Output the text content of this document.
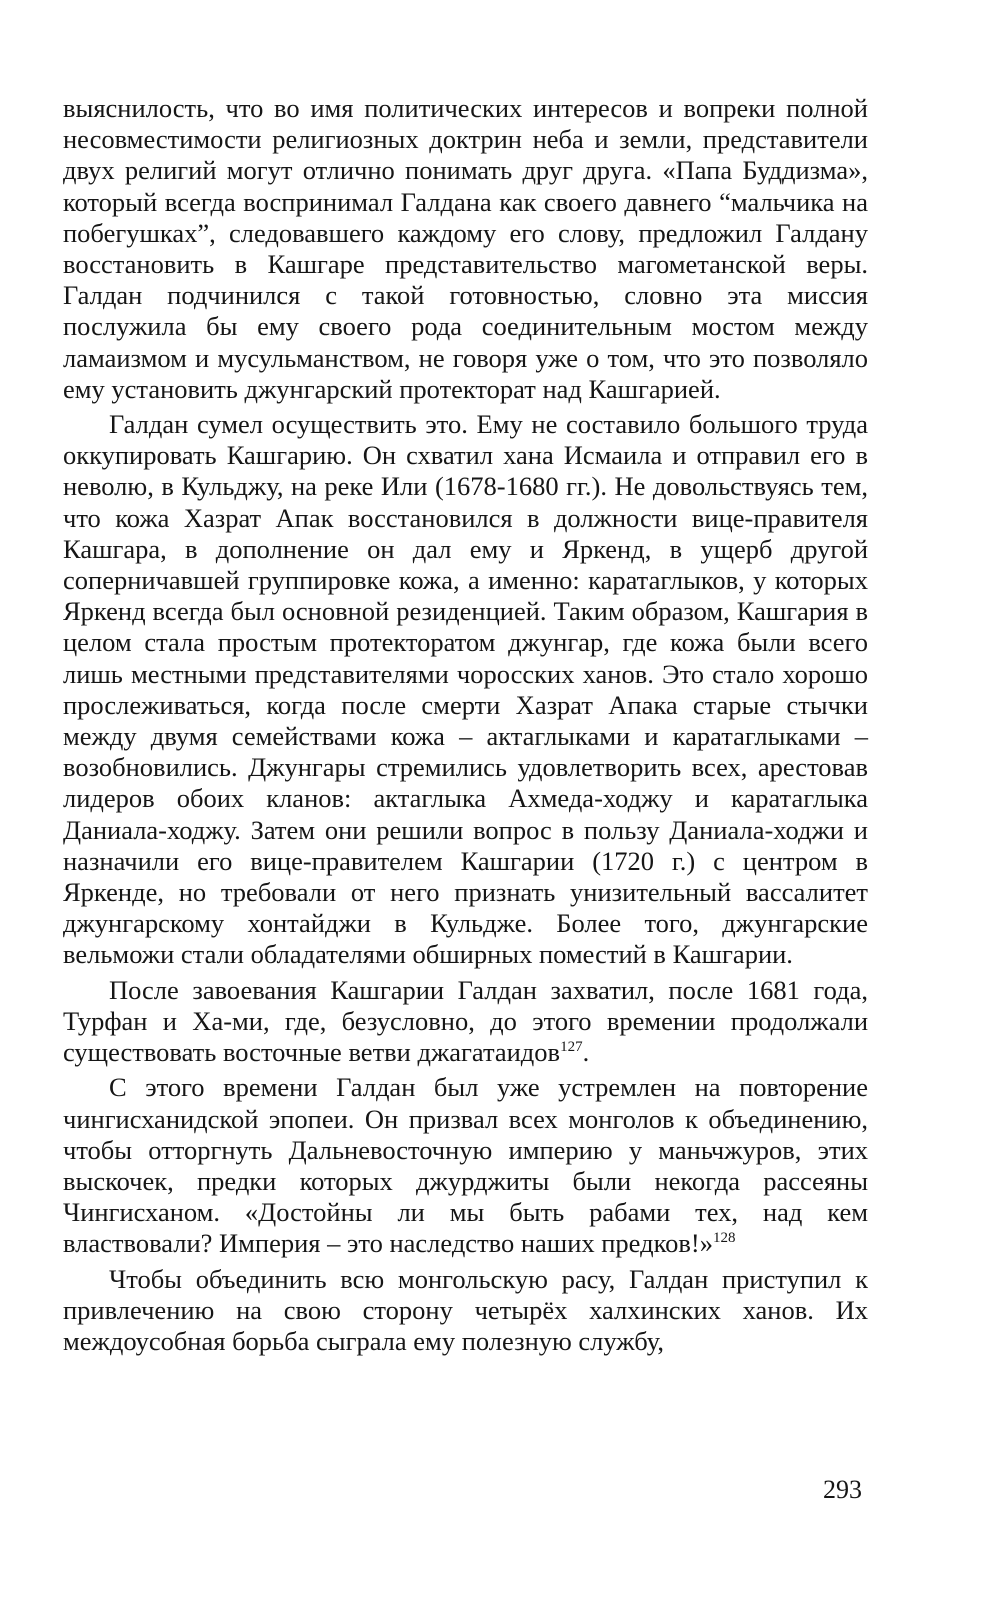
выяснилость, что во имя политических интересов и вопреки полной несовместимости религиозных доктрин неба и земли, представители двух религий могут отлично понимать друг друга. «Папа Буддизма», который всегда воспринимал Галдана как своего давнего “мальчика на побегушках”, следовавшего каждому его слову, предложил Галдану восстановить в Кашгаре представительство магометанской веры. Галдан подчинился с такой готовностью, словно эта миссия послужила бы ему своего рода соединительным мостом между ламаизмом и мусульманством, не говоря уже о том, что это позволяло ему установить джунгарский протекторат над Кашгарией.

Галдан сумел осуществить это. Ему не составило большого труда оккупировать Кашгарию. Он схватил хана Исмаила и отправил его в неволю, в Кульджу, на реке Или (1678-1680 гг.). Не довольствуясь тем, что кожа Хазрат Апак восстановился в должности вице-правителя Кашгара, в дополнение он дал ему и Яркенд, в ущерб другой соперничавшей группировке кожа, а именно: каратаглыков, у которых Яркенд всегда был основной резиденцией. Таким образом, Кашгария в целом стала простым протекторатом джунгар, где кожа были всего лишь местными представителями чоросских ханов. Это стало хорошо прослеживаться, когда после смерти Хазрат Апака старые стычки между двумя семействами кожа – актаглыками и каратаглыками – возобновились. Джунгары стремились удовлетворить всех, арестовав лидеров обоих кланов: актаглыка Ахмеда-ходжу и каратаглыка Даниала-ходжу. Затем они решили вопрос в пользу Даниала-ходжи и назначили его вице-правителем Кашгарии (1720 г.) с центром в Яркенде, но требовали от него признать унизительный вассалитет джунгарскому хонтайджи в Кульдже. Более того, джунгарские вельможи стали обладателями обширных поместий в Кашгарии.

После завоевания Кашгарии Галдан захватил, после 1681 года, Турфан и Ха-ми, где, безусловно, до этого времении продолжали существовать восточные ветви джагатаидов$^{127}$.

С этого времени Галдан был уже устремлен на повторение чингисханидской эпопеи. Он призвал всех монголов к объединению, чтобы отторгнуть Дальневосточную империю у маньчжуров, этих выскочек, предки которых джурджиты были некогда рассеяны Чингисханом. «Достойны ли мы быть рабами тех, над кем властвовали? Империя – это наследство наших предков!»$^{128}$

Чтобы объединить всю монгольскую расу, Галдан приступил к привлечению на свою сторону четырёх халхинских ханов. Их междоусобная борьба сыграла ему полезную службу,

293
